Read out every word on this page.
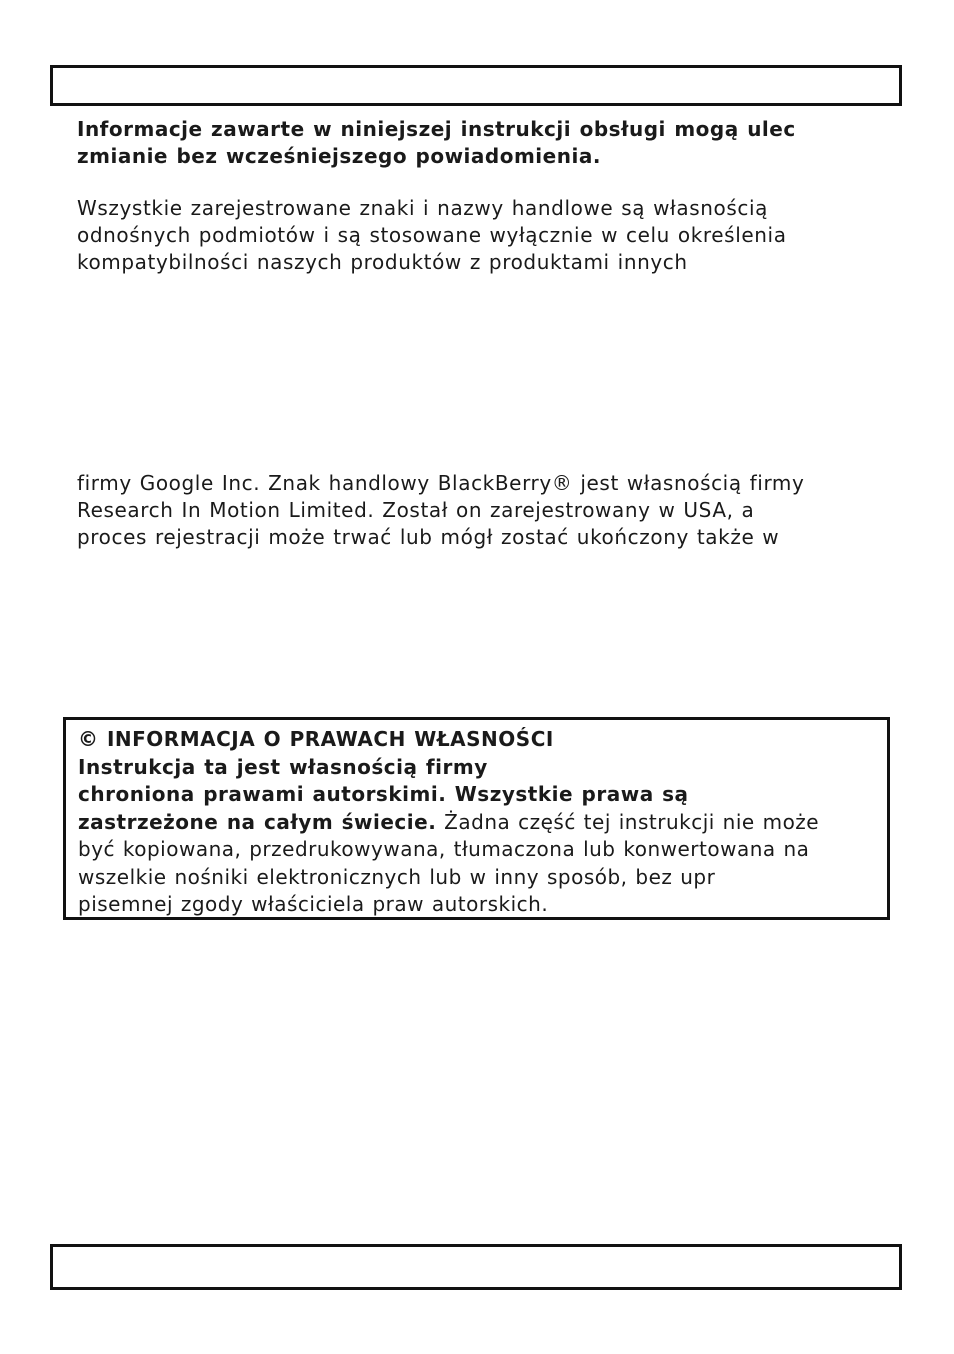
Informacje zawarte w niniejszej instrukcji obsługi mogą ulec
zmianie bez wcześniejszego powiadomienia.
Wszystkie zarejestrowane znaki i nazwy handlowe są własnością
odnośnych podmiotów i są stosowane wyłącznie w celu określenia
kompatybilności naszych produktów z produktami innych
firmy Google Inc. Znak handlowy BlackBerry® jest własnością firmy
Research In Motion Limited. Został on zarejestrowany w USA, a
proces rejestracji może trwać lub mógł zostać ukończony także w
© INFORMACJA O PRAWACH WŁASNOŚCI
Instrukcja ta jest własnością firmy
chroniona prawami autorskimi. Wszystkie prawa są
zastrzeżone na całym świecie. Żadna część tej instrukcji nie może
być kopiowana, przedrukowywana, tłumaczona lub konwertowana na
wszelkie nośniki elektronicznych lub w inny sposób, bez upr
pisemnej zgody właściciela praw autorskich.
